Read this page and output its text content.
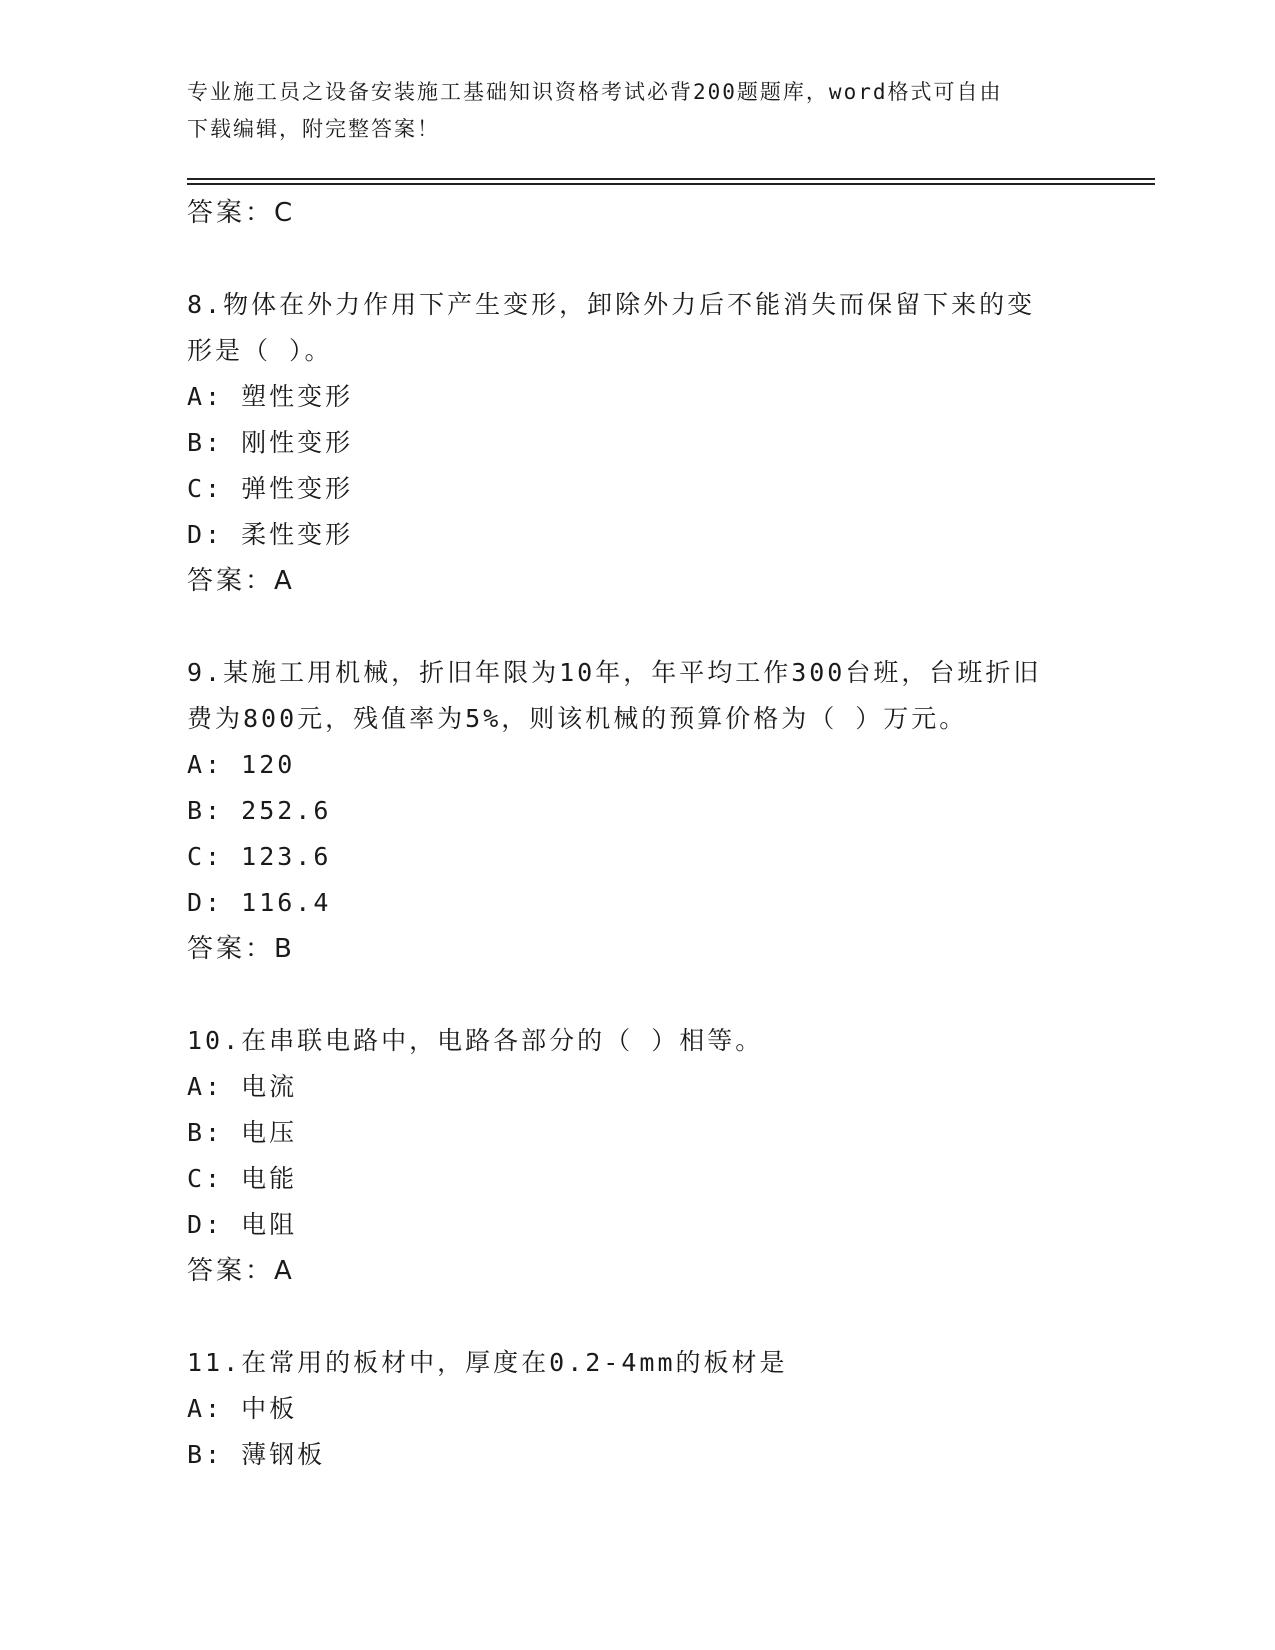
专业施工员之设备安装施工基础知识资格考试必背200题题库，word格式可自由
下载编辑，附完整答案！
答案：C
8.物体在外力作用下产生变形，卸除外力后不能消失而保留下来的变
形是（ ）。
A: 塑性变形
B: 刚性变形
C: 弹性变形
D: 柔性变形
答案：A
9.某施工用机械，折旧年限为10年，年平均工作300台班，台班折旧
费为800元，残值率为5%，则该机械的预算价格为（ ）万元。
A: 120
B: 252.6
C: 123.6
D: 116.4
答案：B
10.在串联电路中，电路各部分的（ ）相等。
A: 电流
B: 电压
C: 电能
D: 电阻
答案：A
11.在常用的板材中，厚度在0.2-4mm的板材是
A: 中板
B: 薄钢板
